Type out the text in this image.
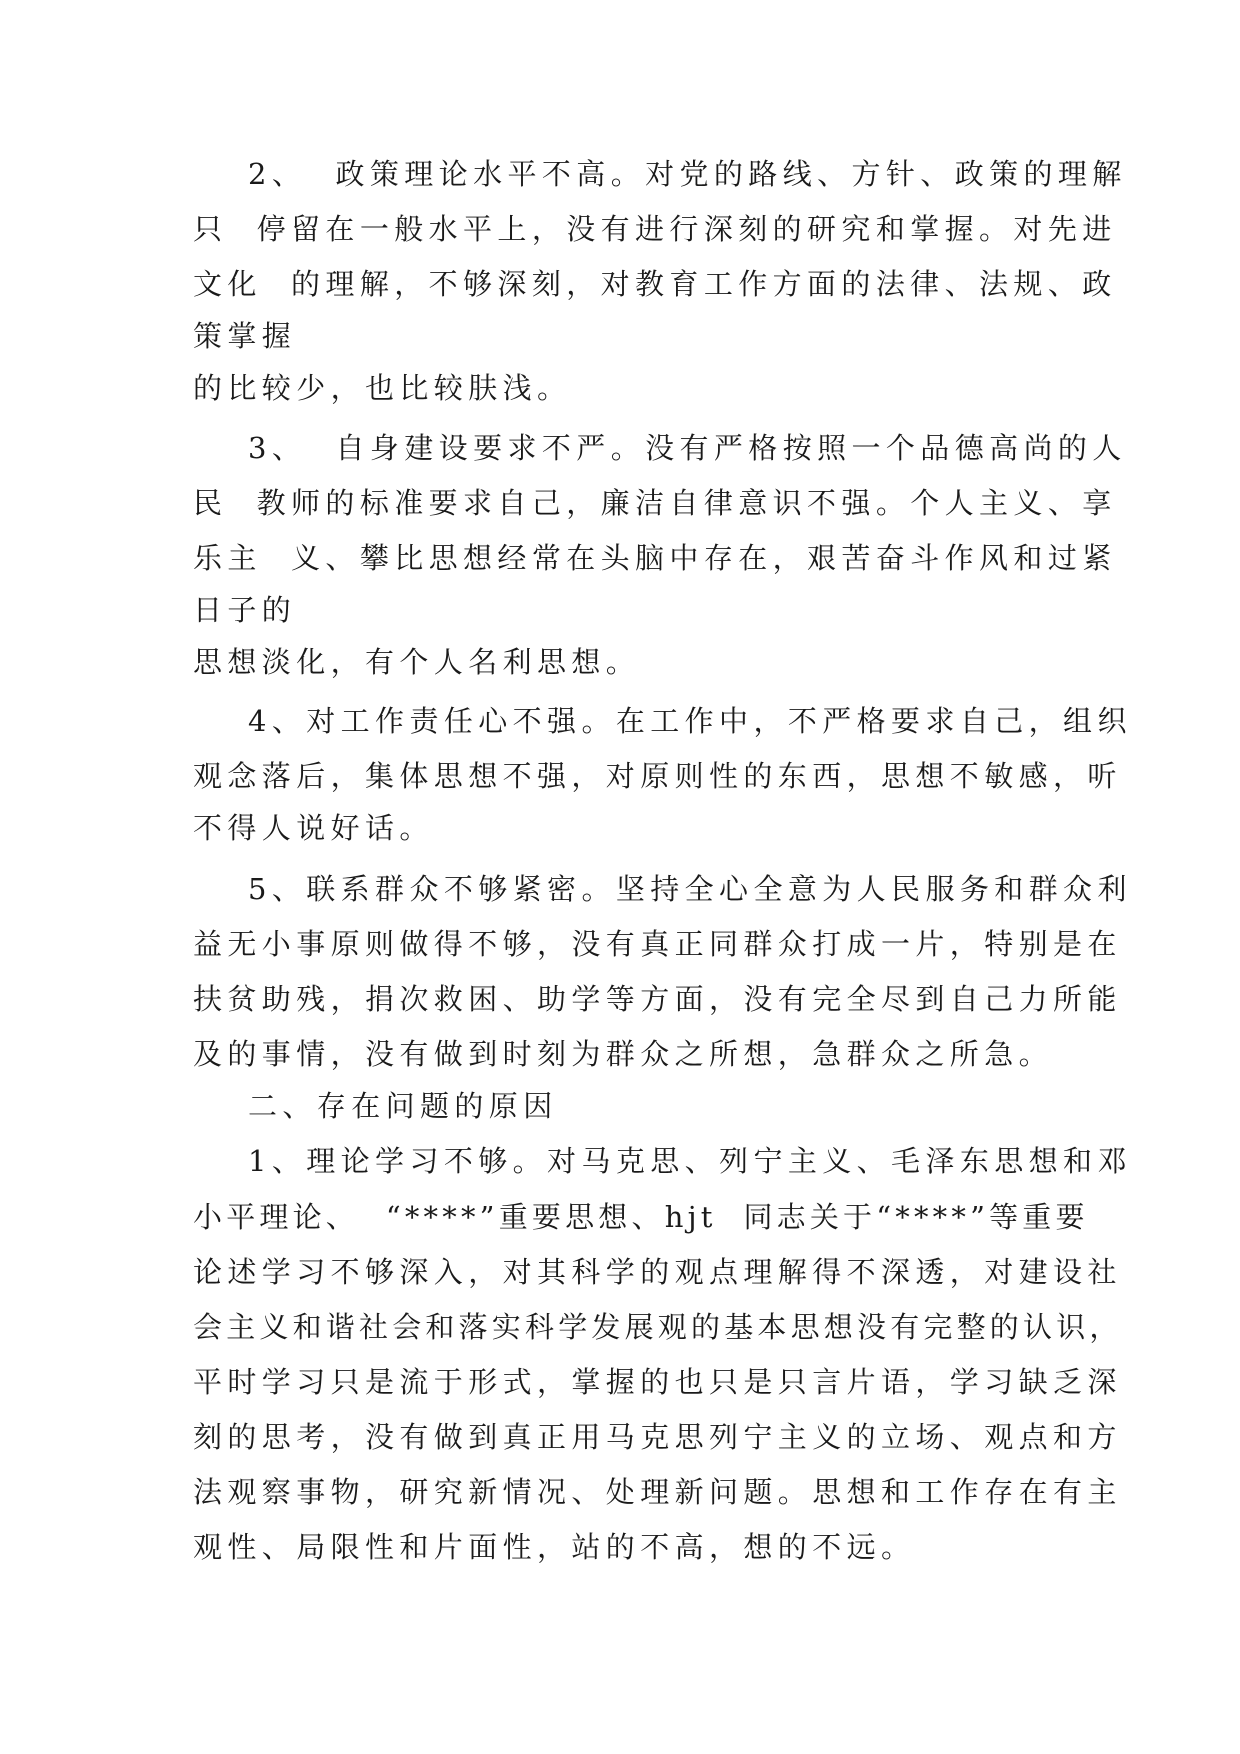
2、  政策理论水平不高。对党的路线、方针、政策的理解
只  停留在一般水平上，没有进行深刻的研究和掌握。对先进
文化  的理解，不够深刻，对教育工作方面的法律、法规、政
策掌握
的比较少，也比较肤浅。
3、  自身建设要求不严。没有严格按照一个品德高尚的人
民  教师的标准要求自己，廉洁自律意识不强。个人主义、享
乐主  义、攀比思想经常在头脑中存在，艰苦奋斗作风和过紧
日子的
思想淡化，有个人名利思想。
4、对工作责任心不强。在工作中，不严格要求自己，组织
观念落后，集体思想不强，对原则性的东西，思想不敏感，听
不得人说好话。
5、联系群众不够紧密。坚持全心全意为人民服务和群众利
益无小事原则做得不够，没有真正同群众打成一片，特别是在
扶贫助残，捐次救困、助学等方面，没有完全尽到自己力所能
及的事情，没有做到时刻为群众之所想，急群众之所急。
二、存在问题的原因
1、理论学习不够。对马克思、列宁主义、毛泽东思想和邓
小平理论、  “****”重要思想、hjt  同志关于“****”等重要
论述学习不够深入，对其科学的观点理解得不深透，对建设社
会主义和谐社会和落实科学发展观的基本思想没有完整的认识，
平时学习只是流于形式，掌握的也只是只言片语，学习缺乏深
刻的思考，没有做到真正用马克思列宁主义的立场、观点和方
法观察事物，研究新情况、处理新问题。思想和工作存在有主
观性、局限性和片面性，站的不高，想的不远。
